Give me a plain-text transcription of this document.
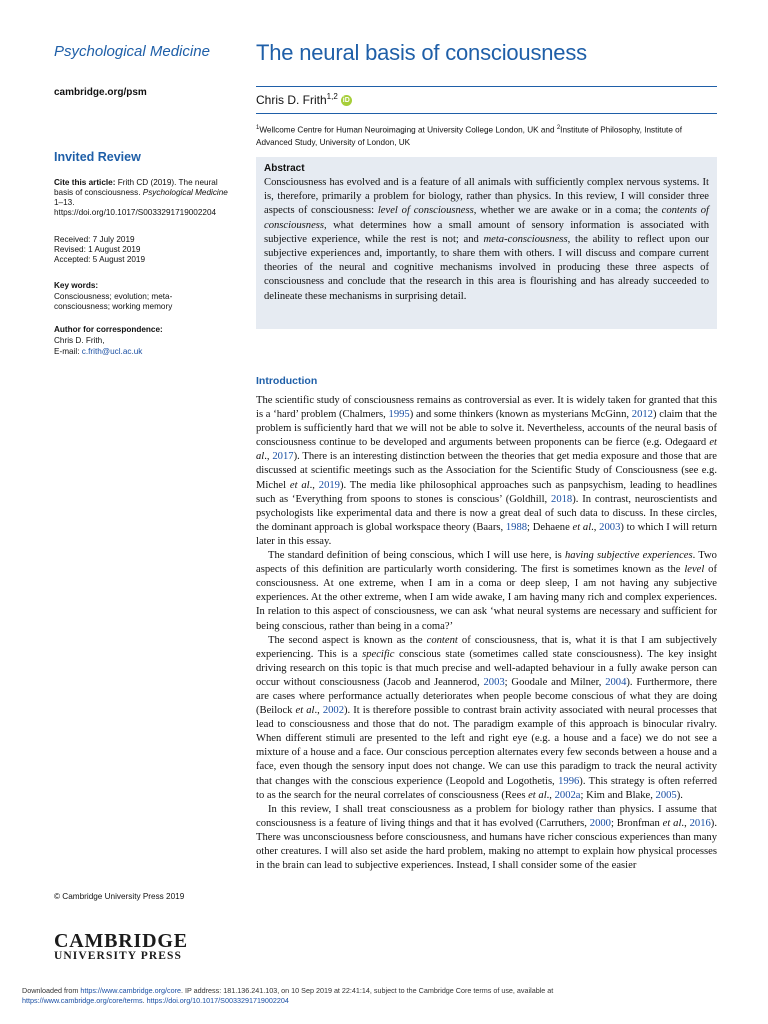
Psychological Medicine
cambridge.org/psm
The neural basis of consciousness
Chris D. Frith$^{1,2}$ iD
$^1$Wellcome Centre for Human Neuroimaging at University College London, UK and $^2$Institute of Philosophy, Institute of Advanced Study, University of London, UK
Abstract
Consciousness has evolved and is a feature of all animals with sufficiently complex nervous systems. It is, therefore, primarily a problem for biology, rather than physics. In this review, I will consider three aspects of consciousness: level of consciousness, whether we are awake or in a coma; the contents of consciousness, what determines how a small amount of sensory information is associated with subjective experience, while the rest is not; and meta-consciousness, the ability to reflect upon our subjective experiences and, importantly, to share them with others. I will discuss and compare current theories of the neural and cognitive mechanisms involved in producing these three aspects of consciousness and conclude that the research in this area is flourishing and has already succeeded to delineate these mechanisms in surprising detail.
Invited Review
Cite this article: Frith CD (2019). The neural basis of consciousness. Psychological Medicine 1–13. https://doi.org/10.1017/S0033291719002204
Received: 7 July 2019
Revised: 1 August 2019
Accepted: 5 August 2019
Key words:
Consciousness; evolution; meta-consciousness; working memory
Author for correspondence:
Chris D. Frith,
E-mail: c.frith@ucl.ac.uk
Introduction

The scientific study of consciousness remains as controversial as ever. It is widely taken for granted that this is a ‘hard’ problem (Chalmers, 1995) and some thinkers (known as mysterians McGinn, 2012) claim that the problem is sufficiently hard that we will not be able to solve it. Nevertheless, accounts of the neural basis of consciousness continue to be developed and arguments between proponents can be fierce (e.g. Odegaard et al., 2017). There is an interesting distinction between the theories that get media exposure and those that are discussed at scientific meetings such as the Association for the Scientific Study of Consciousness (see e.g. Michel et al., 2019). The media like philosophical approaches such as panpsychism, leading to headlines such as ‘Everything from spoons to stones is conscious’ (Goldhill, 2018). In contrast, neuroscientists and psychologists like experimental data and there is now a great deal of such data to discuss. In these circles, the dominant approach is global workspace theory (Baars, 1988; Dehaene et al., 2003) to which I will return later in this essay.

The standard definition of being conscious, which I will use here, is having subjective experiences. Two aspects of this definition are particularly worth considering. The first is sometimes known as the level of consciousness. At one extreme, when I am in a coma or deep sleep, I am not having any subjective experiences. At the other extreme, when I am wide awake, I am having many rich and complex experiences. In relation to this aspect of consciousness, we can ask ‘what neural systems are necessary and sufficient for being conscious, rather than being in a coma?’

The second aspect is known as the content of consciousness, that is, what it is that I am subjectively experiencing. This is a specific conscious state (sometimes called state consciousness). The key insight driving research on this topic is that much precise and well-adapted behaviour in a fully awake person can occur without consciousness (Jacob and Jeannerod, 2003; Goodale and Milner, 2004). Furthermore, there are cases where performance actually deteriorates when people become conscious of what they are doing (Beilock et al., 2002). It is therefore possible to contrast brain activity associated with neural processes that lead to consciousness and those that do not. The paradigm example of this approach is binocular rivalry. When different stimuli are presented to the left and right eye (e.g. a house and a face) we do not see a mixture of a house and a face. Our conscious perception alternates every few seconds between a house and a face, even though the sensory input does not change. We can use this paradigm to track the neural activity that changes with the conscious experience (Leopold and Logothetis, 1996). This strategy is often referred to as the search for the neural correlates of consciousness (Rees et al., 2002a; Kim and Blake, 2005).

In this review, I shall treat consciousness as a problem for biology rather than physics. I assume that consciousness is a feature of living things and that it has evolved (Carruthers, 2000; Bronfman et al., 2016). There was unconsciousness before consciousness, and humans have richer conscious experiences than many other creatures. I will also set aside the hard problem, making no attempt to explain how physical processes in the brain can lead to subjective experiences. Instead, I shall consider some of the easier

© Cambridge University Press 2019
CAMBRIDGE
UNIVERSITY PRESS
Downloaded from https://www.cambridge.org/core. IP address: 181.136.241.103, on 10 Sep 2019 at 22:41:14, subject to the Cambridge Core terms of use, available at
https://www.cambridge.org/core/terms. https://doi.org/10.1017/S0033291719002204
